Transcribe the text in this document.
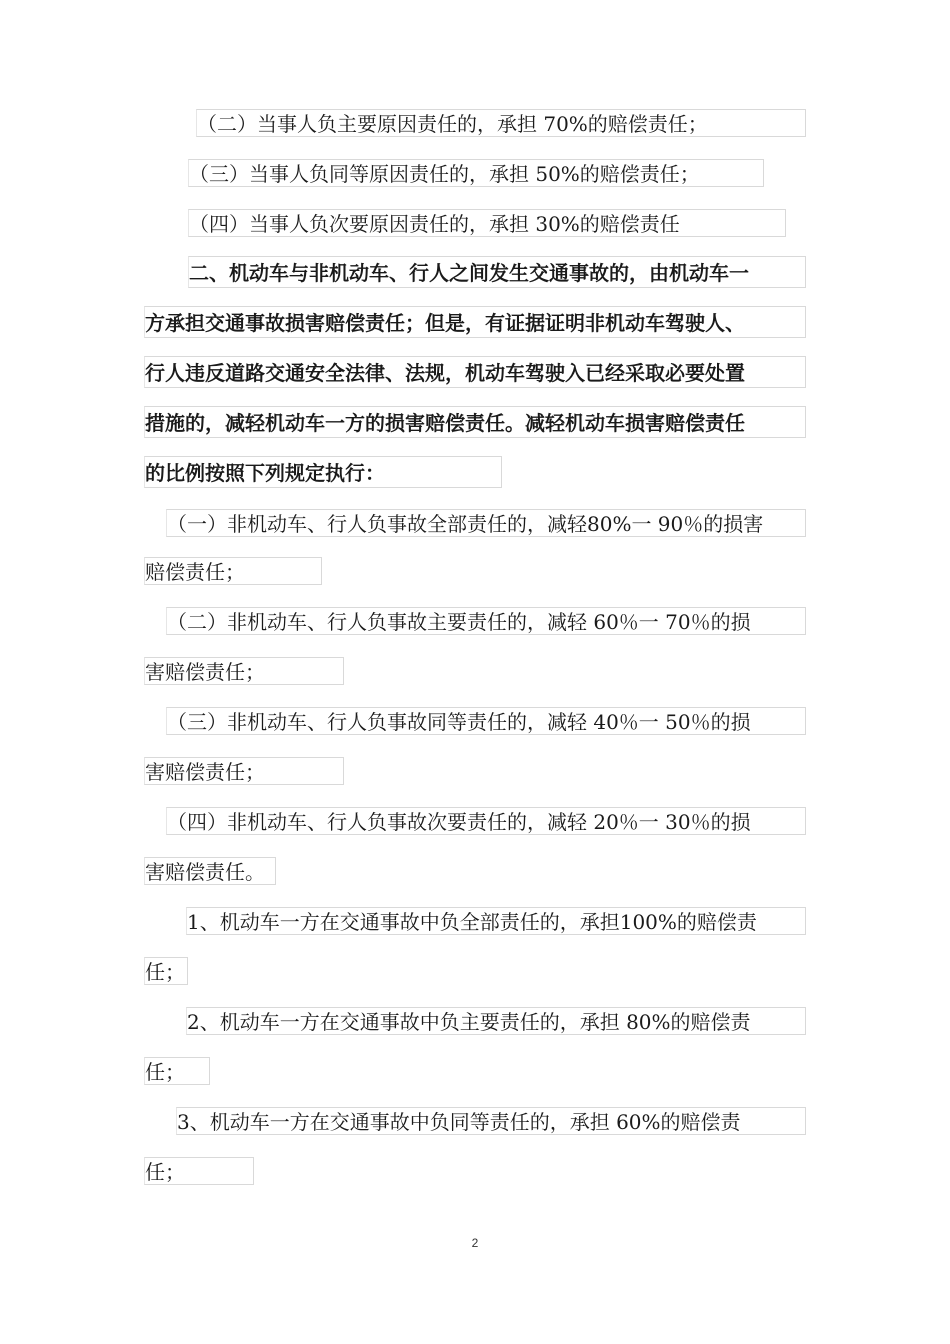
（二）当事人负主要原因责任的，承担 70%的赔偿责任；
（三）当事人负同等原因责任的，承担 50%的赔偿责任；
（四）当事人负次要原因责任的，承担 30%的赔偿责任
二、机动车与非机动车、行人之间发生交通事故的，由机动车一
方承担交通事故损害赔偿责任；但是，有证据证明非机动车驾驶人、
行人违反道路交通安全法律、法规，机动车驾驶入已经采取必要处置
措施的，减轻机动车一方的损害赔偿责任。减轻机动车损害赔偿责任
的比例按照下列规定执行：
（一）非机动车、行人负事故全部责任的，减轻80%一 90％的损害
赔偿责任；
（二）非机动车、行人负事故主要责任的，减轻 60％一 70％的损
害赔偿责任；
（三）非机动车、行人负事故同等责任的，减轻 40％一 50％的损
害赔偿责任；
（四）非机动车、行人负事故次要责任的，减轻 20％一 30％的损
害赔偿责任。
1、机动车一方在交通事故中负全部责任的，承担100%的赔偿责
任；
2、机动车一方在交通事故中负主要责任的，承担 80%的赔偿责
任；
3、机动车一方在交通事故中负同等责任的，承担 60%的赔偿责
任；
2
